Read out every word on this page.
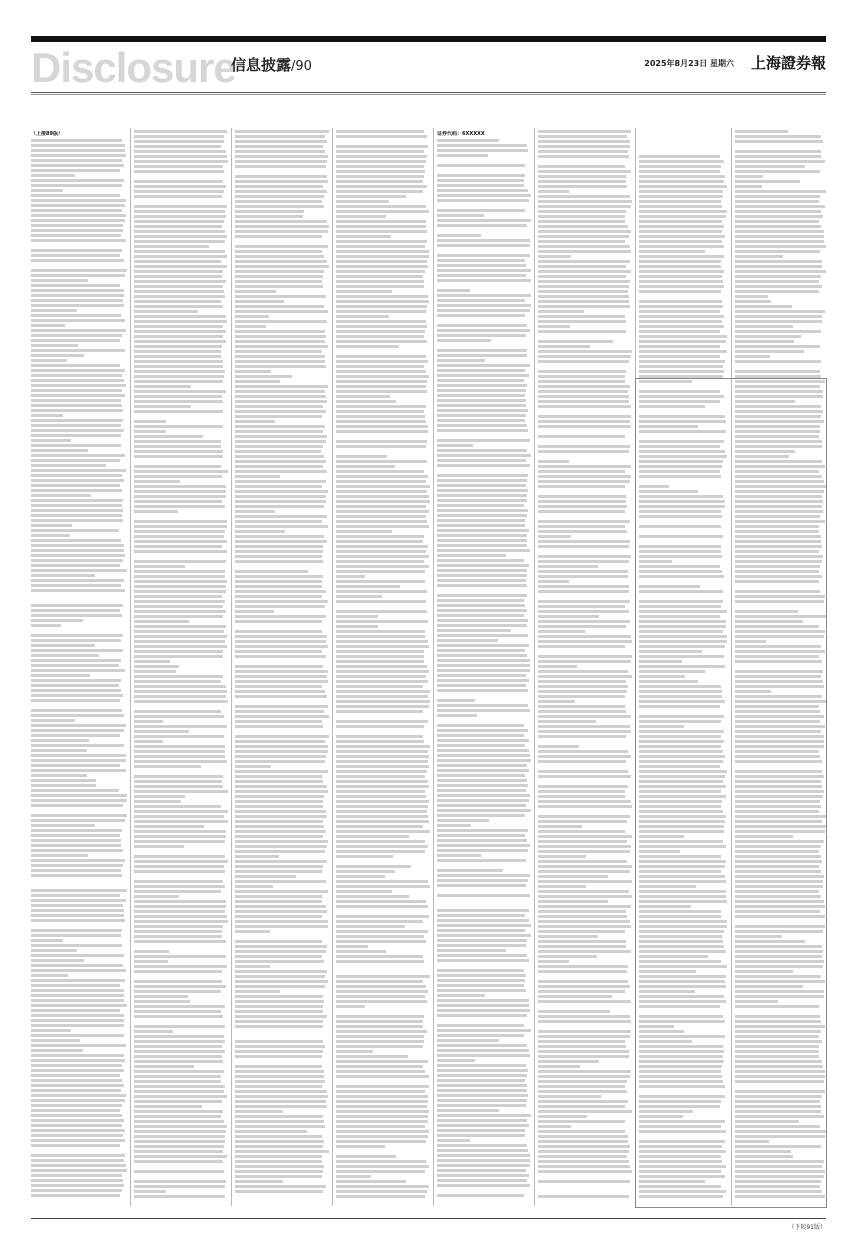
Disclosure
信息披露/90	2025年8月23日 星期六 上海證券報
（上接89版）	证券代码：6XXXXX
（下转91版）
